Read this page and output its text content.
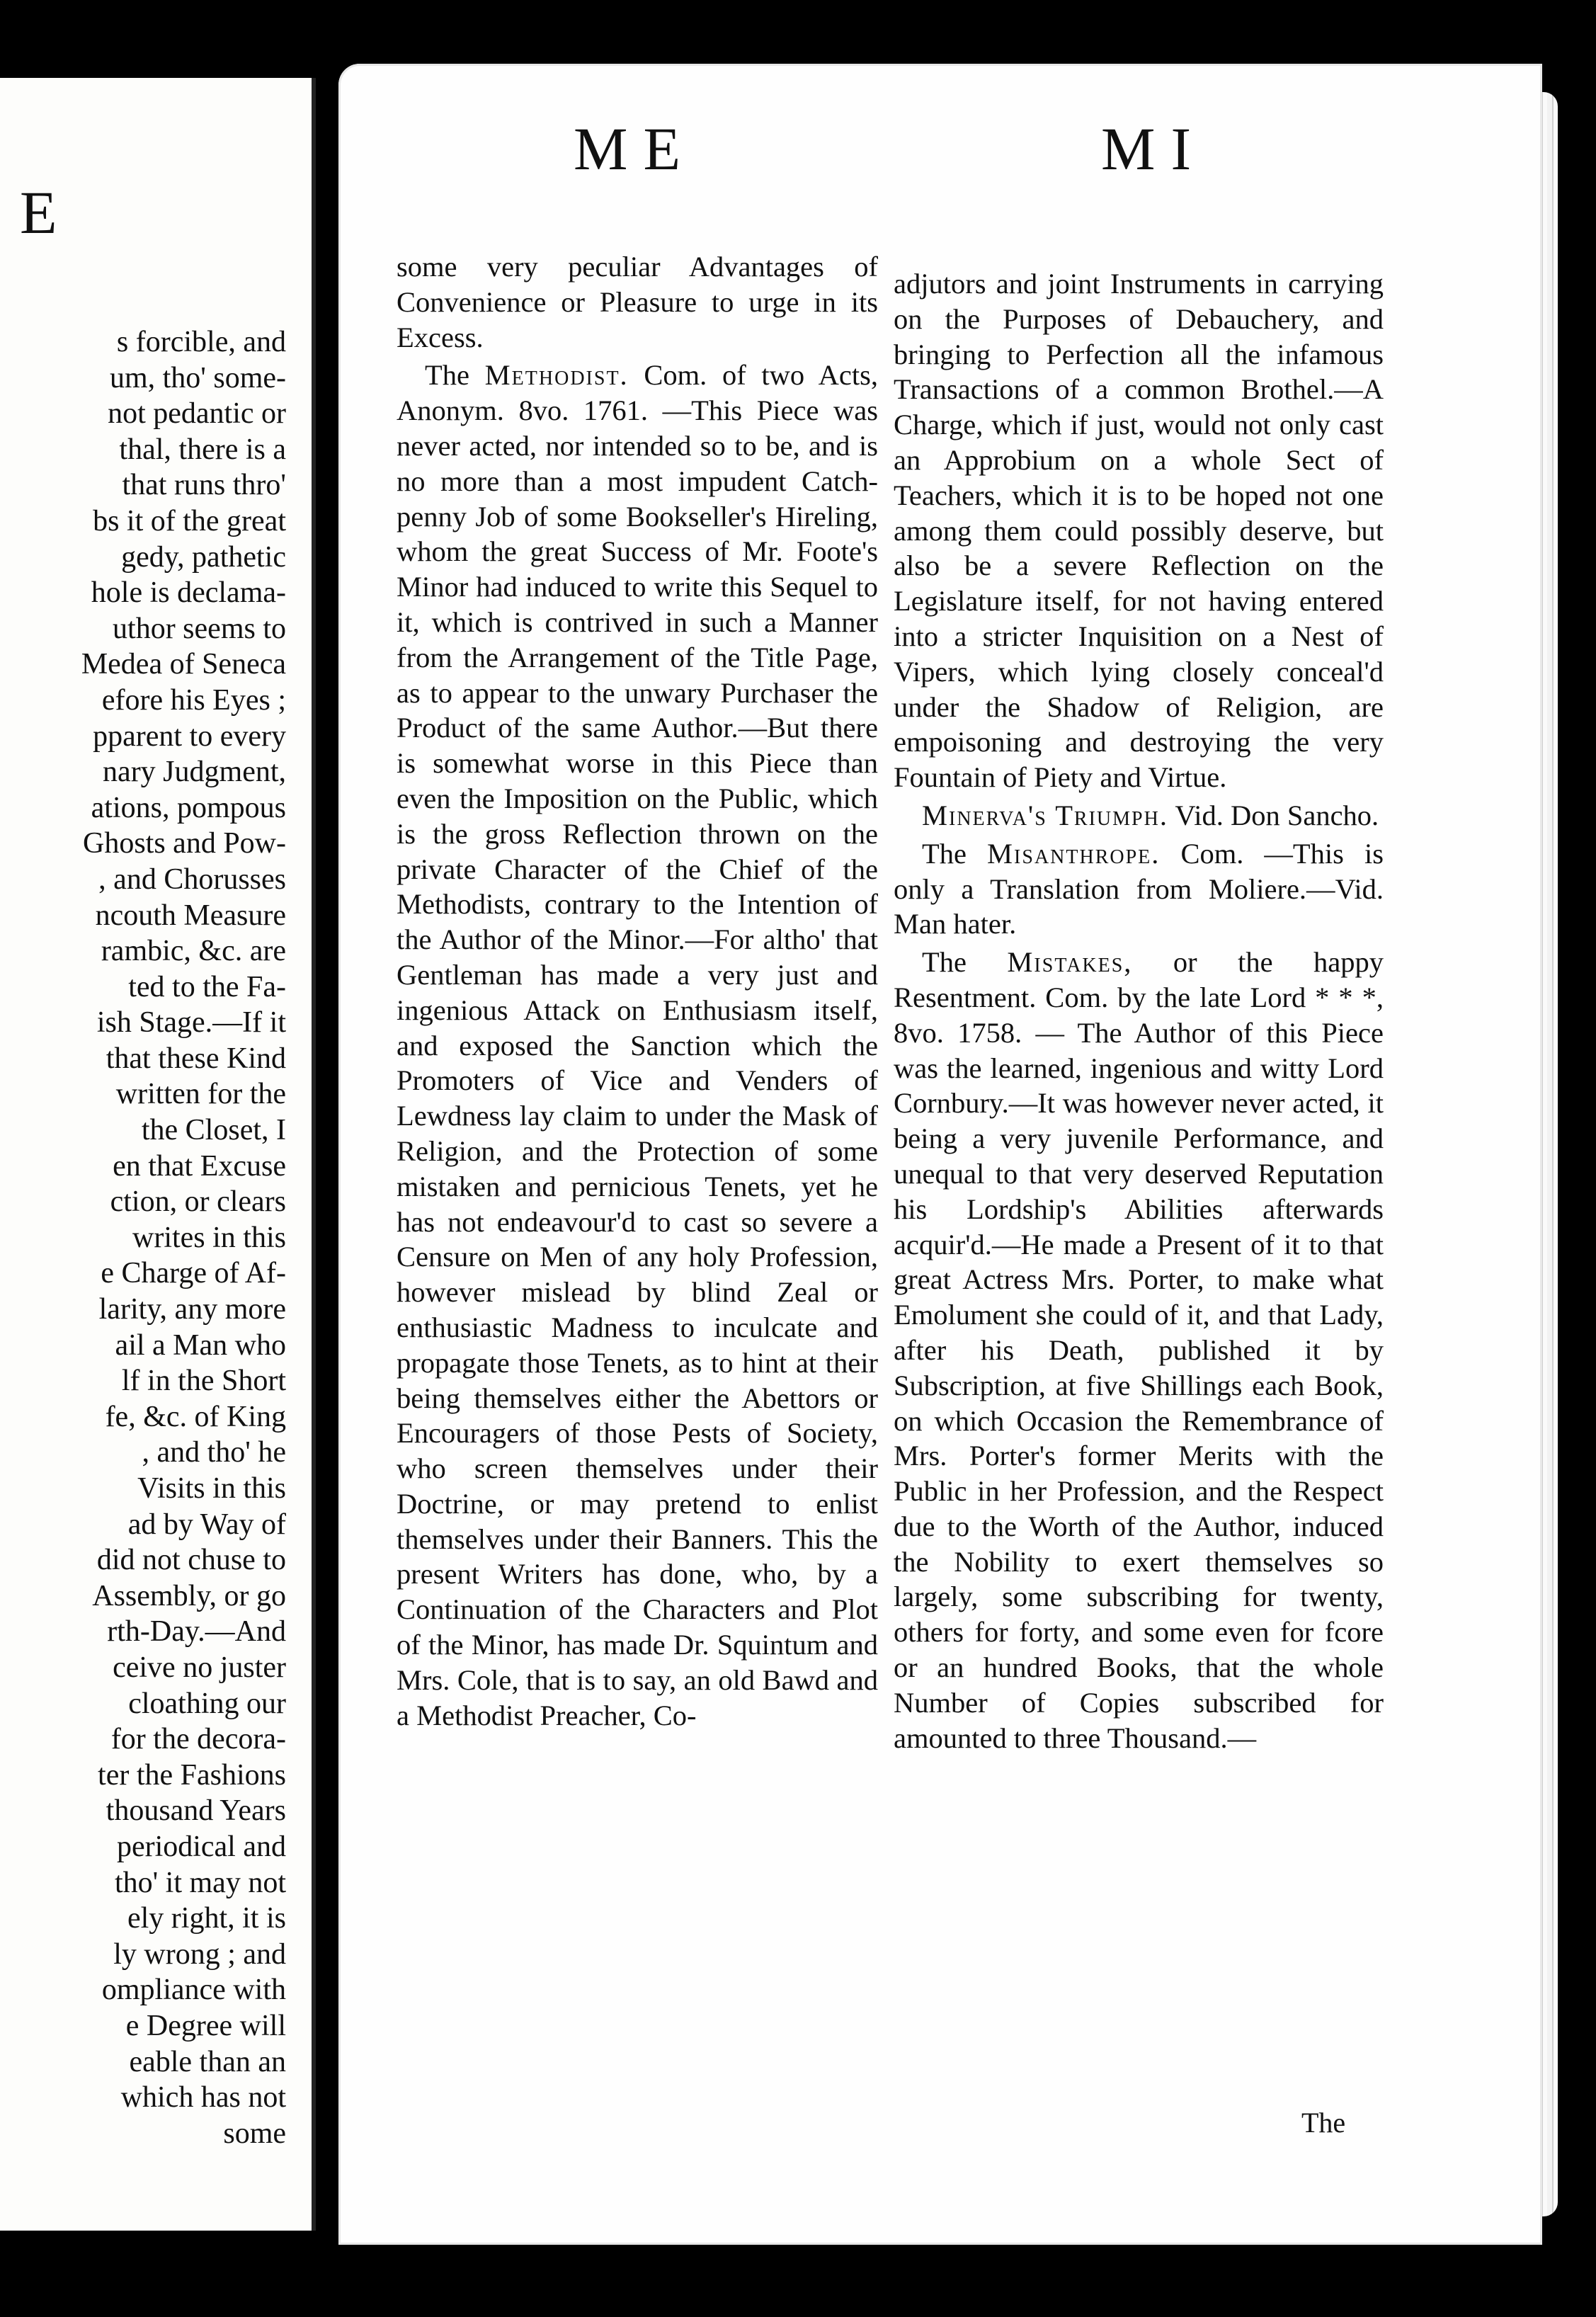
E
s forcible, and
um, tho' some-
not pedantic or
thal, there is a
that runs thro'
bs it of the great
gedy, pathetic
hole is declama-
uthor seems to
Medea of Seneca
efore his Eyes ;
pparent to every
nary Judgment,
ations, pompous
Ghosts and Pow-
, and Chorusses
ncouth Measure
rambic, &c. are
ted to the Fa-
ish Stage.—If it
that these Kind
written for the
the Closet, I
en that Excuse
ction, or clears
writes in this
e Charge of Af-
larity, any more
ail a Man who
lf in the Short
fe, &c. of King
, and tho' he
Visits in this
ad by Way of
did not chuse to
Assembly, or go
rth-Day.—And
ceive no juster
cloathing our
for the decora-
ter the Fashions
thousand Years
periodical and
tho' it may not
ely right, it is
ly wrong ; and
ompliance with
e Degree will
eable than an
which has not
some
ME	MI

some very peculiar Advantages of Convenience or Pleasure to urge in its Excess.

The Methodist. Com. of two Acts, Anonym. 8vo. 1761. —This Piece was never acted, nor intended so to be, and is no more than a most impudent Catch-penny Job of some Bookseller's Hireling, whom the great Success of Mr. Foote's Minor had induced to write this Sequel to it, which is contrived in such a Manner from the Arrangement of the Title Page, as to appear to the unwary Purchaser the Product of the same Author.—But there is somewhat worse in this Piece than even the Imposition on the Public, which is the gross Reflection thrown on the private Character of the Chief of the Methodists, contrary to the Intention of the Author of the Minor.—For altho' that Gentleman has made a very just and ingenious Attack on Enthusiasm itself, and exposed the Sanction which the Promoters of Vice and Venders of Lewdness lay claim to under the Mask of Religion, and the Protection of some mistaken and pernicious Tenets, yet he has not endeavour'd to cast so severe a Censure on Men of any holy Profession, however mislead by blind Zeal or enthusiastic Madness to inculcate and propagate those Tenets, as to hint at their being themselves either the Abettors or Encouragers of those Pests of Society, who screen themselves under their Doctrine, or may pretend to enlist themselves under their Banners. This the present Writers has done, who, by a Continuation of the Characters and Plot of the Minor, has made Dr. Squintum and Mrs. Cole, that is to say, an old Bawd and a Methodist Preacher, Co-

adjutors and joint Instruments in carrying on the Purposes of Debauchery, and bringing to Perfection all the infamous Transactions of a common Brothel.—A Charge, which if just, would not only cast an Approbium on a whole Sect of Teachers, which it is to be hoped not one among them could possibly deserve, but also be a severe Reflection on the Legislature itself, for not having entered into a stricter Inquisition on a Nest of Vipers, which lying closely conceal'd under the Shadow of Religion, are empoisoning and destroying the very Fountain of Piety and Virtue.

Minerva's Triumph. Vid. Don Sancho.

The Misanthrope. Com. —This is only a Translation from Moliere.—Vid. Man hater.

The Mistakes, or the happy Resentment. Com. by the late Lord * * *, 8vo. 1758. — The Author of this Piece was the learned, ingenious and witty Lord Cornbury.—It was however never acted, it being a very juvenile Performance, and unequal to that very deserved Reputation his Lordship's Abilities afterwards acquir'd.—He made a Present of it to that great Actress Mrs. Porter, to make what Emolument she could of it, and that Lady, after his Death, published it by Subscription, at five Shillings each Book, on which Occasion the Remembrance of Mrs. Porter's former Merits with the Public in her Profession, and the Respect due to the Worth of the Author, induced the Nobility to exert themselves so largely, some subscribing for twenty, others for forty, and some even for fcore or an hundred Books, that the whole Number of Copies subscribed for amounted to three Thousand.—

The
